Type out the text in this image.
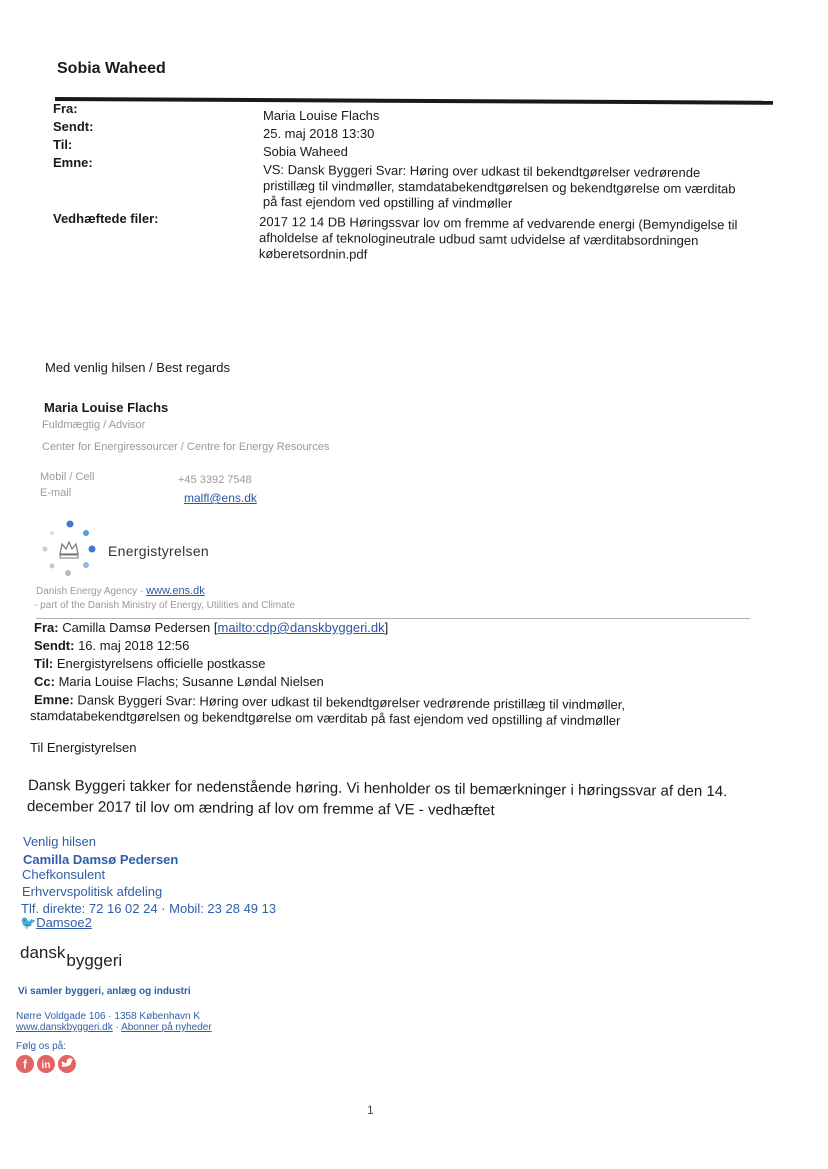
Sobia Waheed
Fra:
Sendt:
Til:
Emne:
Vedhæftede filer:
Maria Louise Flachs
25. maj 2018 13:30
Sobia Waheed
VS: Dansk Byggeri Svar: Høring over udkast til bekendtgørelser vedrørende
pristillæg til vindmøller, stamdatabekendtgørelsen og bekendtgørelse om værditab
på fast ejendom ved opstilling af vindmøller
2017 12 14 DB Høringssvar lov om fremme af vedvarende energi (Bemyndigelse til
afholdelse af teknologineutrale udbud samt udvidelse af værditabsordningen
køberetsordnin.pdf
Med venlig hilsen / Best regards
Maria Louise Flachs
Fuldmægtig / Advisor
Center for Energiressourcer / Centre for Energy Resources
Mobil / Cell	+45 3392 7548
E-mail	malfl@ens.dk
Energistyrelsen
Danish Energy Agency - www.ens.dk
- part of the Danish Ministry of Energy, Utilities and Climate
Fra: Camilla Damsø Pedersen [mailto:cdp@danskbyggeri.dk]
Sendt: 16. maj 2018 12:56
Til: Energistyrelsens officielle postkasse
Cc: Maria Louise Flachs; Susanne Løndal Nielsen
Emne: Dansk Byggeri Svar: Høring over udkast til bekendtgørelser vedrørende pristillæg til vindmøller,
stamdatabekendtgørelsen og bekendtgørelse om værditab på fast ejendom ved opstilling af vindmøller
Til Energistyrelsen
Dansk Byggeri takker for nedenstående høring. Vi henholder os til bemærkninger i høringssvar af den 14.
december 2017 til lov om ændring af lov om fremme af VE - vedhæftet
Venlig hilsen
Camilla Damsø Pedersen
Chefkonsulent
Erhvervspolitisk afdeling
Tlf. direkte: 72 16 02 24 · Mobil: 23 28 49 13
🐦Damsoe2
danskbyggeri
Vi samler byggeri, anlæg og industri
Nørre Voldgade 106 · 1358 København K
www.danskbyggeri.dk · Abonner på nyheder
Følg os på:
f in
1
